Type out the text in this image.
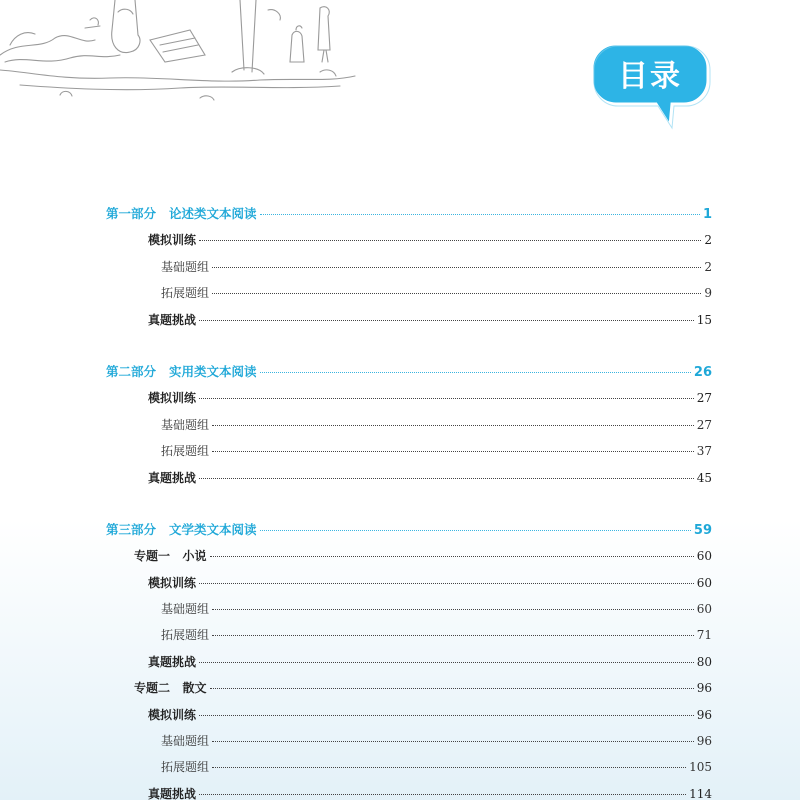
目录
第一部分   论述类文本阅读	1
模拟训练	2
基础题组	2
拓展题组	9
真题挑战	15
第二部分   实用类文本阅读	26
模拟训练	27
基础题组	27
拓展题组	37
真题挑战	45
第三部分   文学类文本阅读	59
专题一   小说	60
模拟训练	60
基础题组	60
拓展题组	71
真题挑战	80
专题二   散文	96
模拟训练	96
基础题组	96
拓展题组	105
真题挑战	114
